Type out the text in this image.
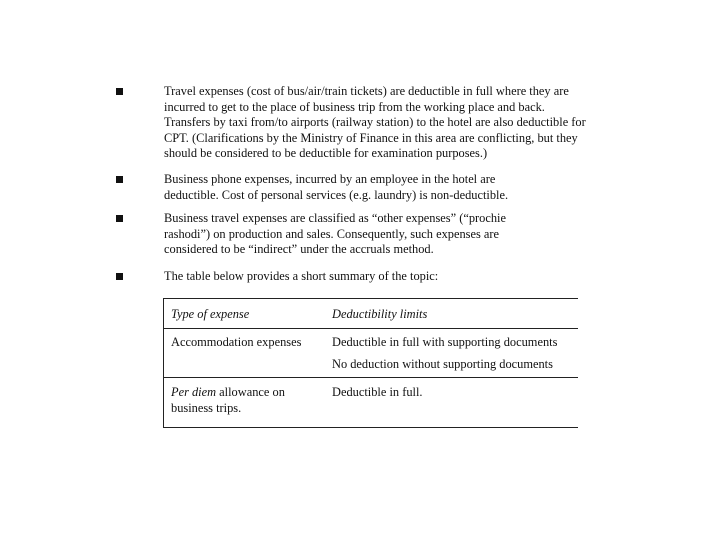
Travel expenses (cost of bus/air/train tickets) are deductible in full where they are
incurred to get to the place of business trip from the working place and back.
Transfers by taxi from/to airports (railway station) to the hotel are also deductible for
CPT. (Clarifications by the Ministry of Finance in this area are conflicting, but they
should be considered to be deductible for examination purposes.)
Business phone expenses, incurred by an employee in the hotel are
deductible. Cost of personal services (e.g. laundry) is non-deductible.
Business travel expenses are classified as “other expenses” (“prochie
rashodi”) on production and sales. Consequently, such expenses are
considered to be “indirect” under the accruals method.
The table below provides a short summary of the topic:
Type of expense	Deductibility limits
Accommodation expenses Deductible in full with supporting documents
No deduction without supporting documents
Per diem allowance on
business trips.
Deductible in full.
